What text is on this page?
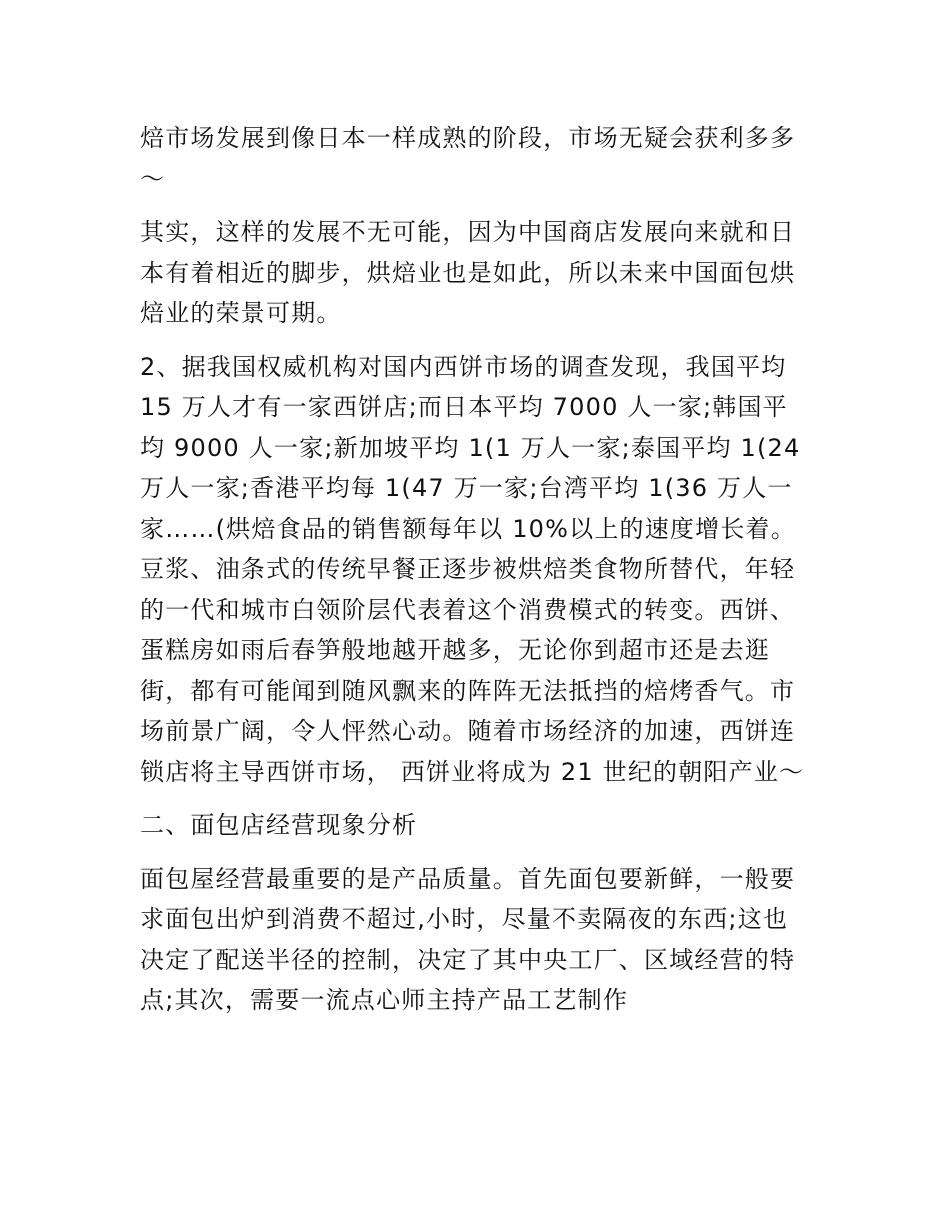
焙市场发展到像日本一样成熟的阶段，市场无疑会获利多多～

其实，这样的发展不无可能，因为中国商店发展向来就和日本有着相近的脚步，烘焙业也是如此，所以未来中国面包烘焙业的荣景可期。

2、据我国权威机构对国内西饼市场的调查发现，我国平均 15 万人才有一家西饼店;而日本平均 7000 人一家;韩国平均 9000 人一家;新加坡平均 1(1 万人一家;泰国平均 1(24 万人一家;香港平均每 1(47 万一家;台湾平均 1(36 万人一家……(烘焙食品的销售额每年以 10%以上的速度增长着。豆浆、油条式的传统早餐正逐步被烘焙类食物所替代，年轻的一代和城市白领阶层代表着这个消费模式的转变。西饼、蛋糕房如雨后春笋般地越开越多，无论你到超市还是去逛街，都有可能闻到随风飘来的阵阵无法抵挡的焙烤香气。市场前景广阔，令人怦然心动。随着市场经济的加速，西饼连锁店将主导西饼市场， 西饼业将成为 21 世纪的朝阳产业～

二、面包店经营现象分析

面包屋经营最重要的是产品质量。首先面包要新鲜，一般要求面包出炉到消费不超过,小时，尽量不卖隔夜的东西;这也决定了配送半径的控制，决定了其中央工厂、区域经营的特点;其次，需要一流点心师主持产品工艺制作
